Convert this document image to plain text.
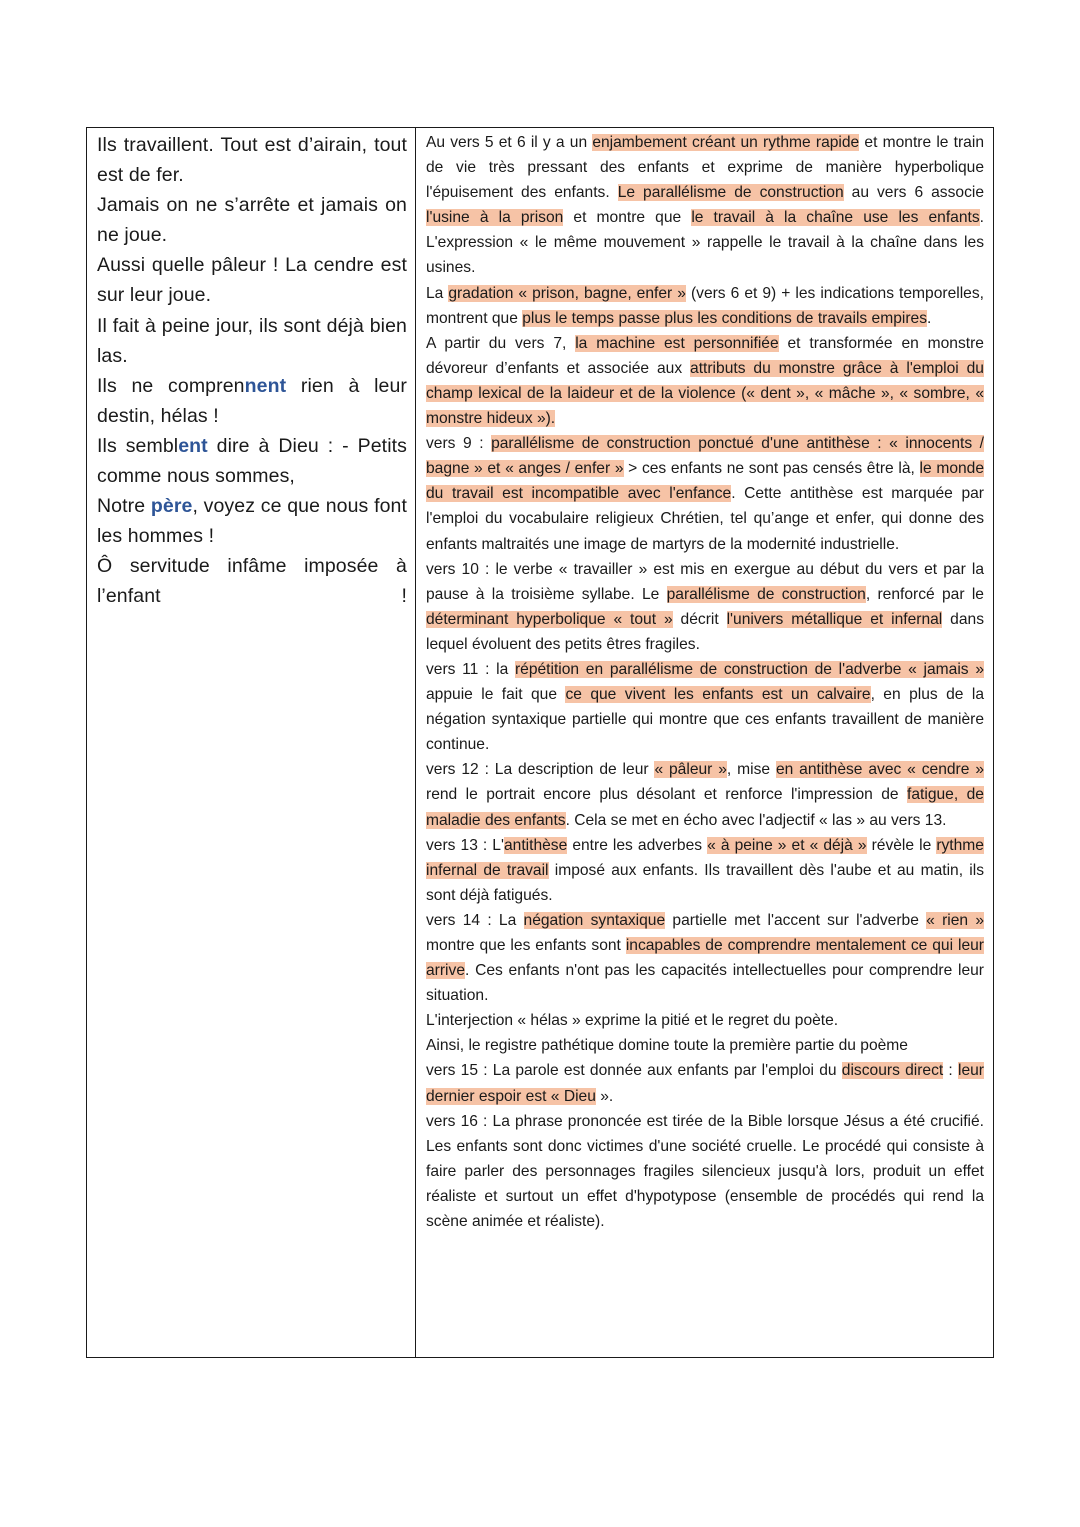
Ils travaillent. Tout est d’airain, tout est de fer.
Jamais on ne s’arrête et jamais on ne joue.
Aussi quelle pâleur ! La cendre est sur leur joue.
Il fait à peine jour, ils sont déjà bien las.
Ils ne comprennent rien à leur destin, hélas !
Ils semblent dire à Dieu : - Petits comme nous sommes,
Notre père, voyez ce que nous font les hommes !
Ô servitude infâme imposée à l’enfant !

Au vers 5 et 6 il y a un enjambement créant un rythme rapide et montre le train de vie très pressant des enfants et exprime de manière hyperbolique l'épuisement des enfants. Le parallélisme de construction au vers 6 associe l'usine à la prison et montre que le travail à la chaîne use les enfants. L'expression « le même mouvement » rappelle le travail à la chaîne dans les usines.

La gradation « prison, bagne, enfer » (vers 6 et 9) + les indications temporelles, montrent que plus le temps passe plus les conditions de travails empires.

A partir du vers 7, la machine est personnifiée et transformée en monstre dévoreur d’enfants et associée aux attributs du monstre grâce à l'emploi du champ lexical de la laideur et de la violence (« dent », « mâche », « sombre, « monstre hideux »).

vers 9 : parallélisme de construction ponctué d'une antithèse : « innocents / bagne » et « anges / enfer » > ces enfants ne sont pas censés être là, le monde du travail est incompatible avec l'enfance. Cette antithèse est marquée par l'emploi du vocabulaire religieux Chrétien, tel qu’ange et enfer, qui donne des enfants maltraités une image de martyrs de la modernité industrielle.

vers 10 : le verbe « travailler » est mis en exergue au début du vers et par la pause à la troisième syllabe. Le parallélisme de construction, renforcé par le déterminant hyperbolique « tout » décrit l'univers métallique et infernal dans lequel évoluent des petits êtres fragiles.

vers 11 : la répétition en parallélisme de construction de l'adverbe « jamais » appuie le fait que ce que vivent les enfants est un calvaire, en plus de la négation syntaxique partielle qui montre que ces enfants travaillent de manière continue.

vers 12 : La description de leur « pâleur », mise en antithèse avec « cendre » rend le portrait encore plus désolant et renforce l'impression de fatigue, de maladie des enfants. Cela se met en écho avec l'adjectif « las » au vers 13.

vers 13 : L'antithèse entre les adverbes « à peine » et « déjà » révèle le rythme infernal de travail imposé aux enfants. Ils travaillent dès l'aube et au matin, ils sont déjà fatigués.

vers 14 : La négation syntaxique partielle met l'accent sur l'adverbe « rien » montre que les enfants sont incapables de comprendre mentalement ce qui leur arrive. Ces enfants n'ont pas les capacités intellectuelles pour comprendre leur situation.

L'interjection « hélas » exprime la pitié et le regret du poète.

Ainsi, le registre pathétique domine toute la première partie du poème

vers 15 : La parole est donnée aux enfants par l'emploi du discours direct : leur dernier espoir est « Dieu ».

vers 16 : La phrase prononcée est tirée de la Bible lorsque Jésus a été crucifié. Les enfants sont donc victimes d'une société cruelle. Le procédé qui consiste à faire parler des personnages fragiles silencieux jusqu'à lors, produit un effet réaliste et surtout un effet d'hypotypose (ensemble de procédés qui rend la scène animée et réaliste).
